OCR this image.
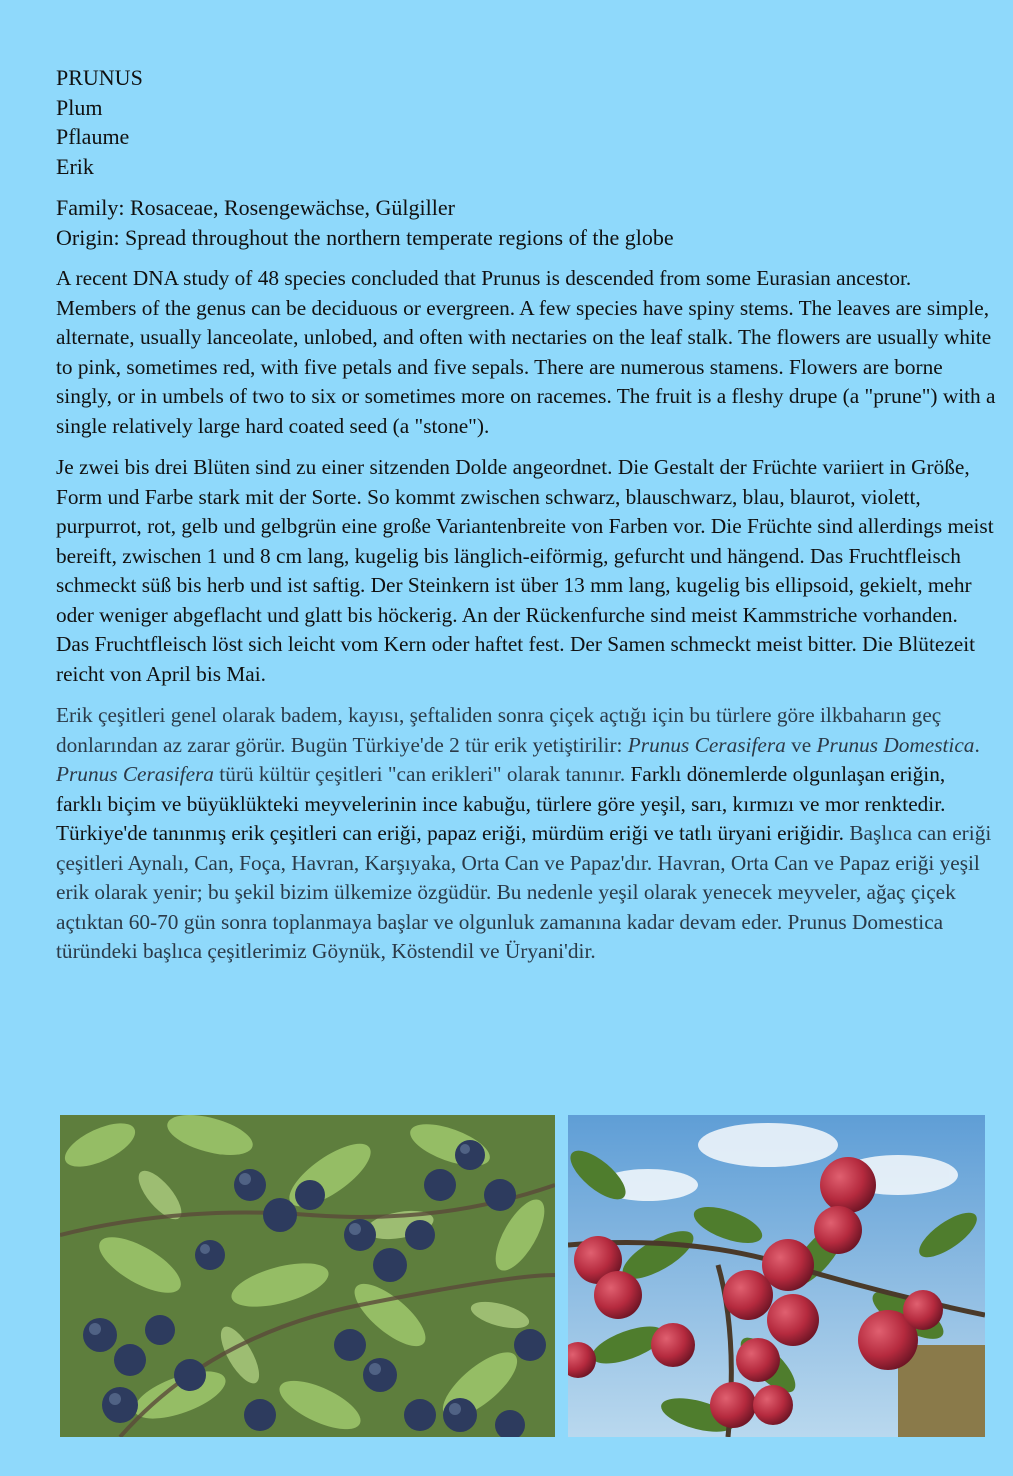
PRUNUS
Plum
Pflaume
Erik
Family: Rosaceae, Rosengewächse, Gülgiller
Origin: Spread throughout the northern temperate regions of the globe

A recent DNA study of 48 species concluded that Prunus is descended from some Eurasian ancestor. Members of the genus can be deciduous or evergreen. A few species have spiny stems. The leaves are simple, alternate, usually lanceolate, unlobed, and often with nectaries on the leaf stalk. The flowers are usually white to pink, sometimes red, with five petals and five sepals. There are numerous stamens. Flowers are borne singly, or in umbels of two to six or sometimes more on racemes. The fruit is a fleshy drupe (a "prune") with a single relatively large hard coated seed (a "stone").

Je zwei bis drei Blüten sind zu einer sitzenden Dolde angeordnet. Die Gestalt der Früchte variiert in Größe, Form und Farbe stark mit der Sorte. So kommt zwischen schwarz, blauschwarz, blau, blaurot, violett, purpurrot, rot, gelb und gelbgrün eine große Variantenbreite von Farben vor. Die Früchte sind allerdings meist bereift, zwischen 1 und 8 cm lang, kugelig bis länglich-eiförmig, gefurcht und hängend. Das Fruchtfleisch schmeckt süß bis herb und ist saftig. Der Steinkern ist über 13 mm lang, kugelig bis ellipsoid, gekielt, mehr oder weniger abgeflacht und glatt bis höckerig. An der Rückenfurche sind meist Kammstriche vorhanden. Das Fruchtfleisch löst sich leicht vom Kern oder haftet fest. Der Samen schmeckt meist bitter. Die Blütezeit reicht von April bis Mai.

Erik çeşitleri genel olarak badem, kayısı, şeftaliden sonra çiçek açtığı için bu türlere göre ilkbaharın geç donlarından az zarar görür. Bugün Türkiye'de 2 tür erik yetiştirilir: Prunus Cerasifera ve Prunus Domestica. Prunus Cerasifera türü kültür çeşitleri "can erikleri" olarak tanınır. Farklı dönemlerde olgunlaşan eriğin, farklı biçim ve büyüklükteki meyvelerinin ince kabuğu, türlere göre yeşil, sarı, kırmızı ve mor renktedir. Türkiye'de tanınmış erik çeşitleri can eriği, papaz eriği, mürdüm eriği ve tatlı üryani eriğidir. Başlıca can eriği çeşitleri Aynalı, Can, Foça, Havran, Karşıyaka, Orta Can ve Papaz'dır. Havran, Orta Can ve Papaz eriği yeşil erik olarak yenir; bu şekil bizim ülkemize özgüdür. Bu nedenle yeşil olarak yenecek meyveler, ağaç çiçek açtıktan 60-70 gün sonra toplanmaya başlar ve olgunluk zamanına kadar devam eder. Prunus Domestica türündeki başlıca çeşitlerimiz Göynük, Köstendil ve Üryani'dir.
